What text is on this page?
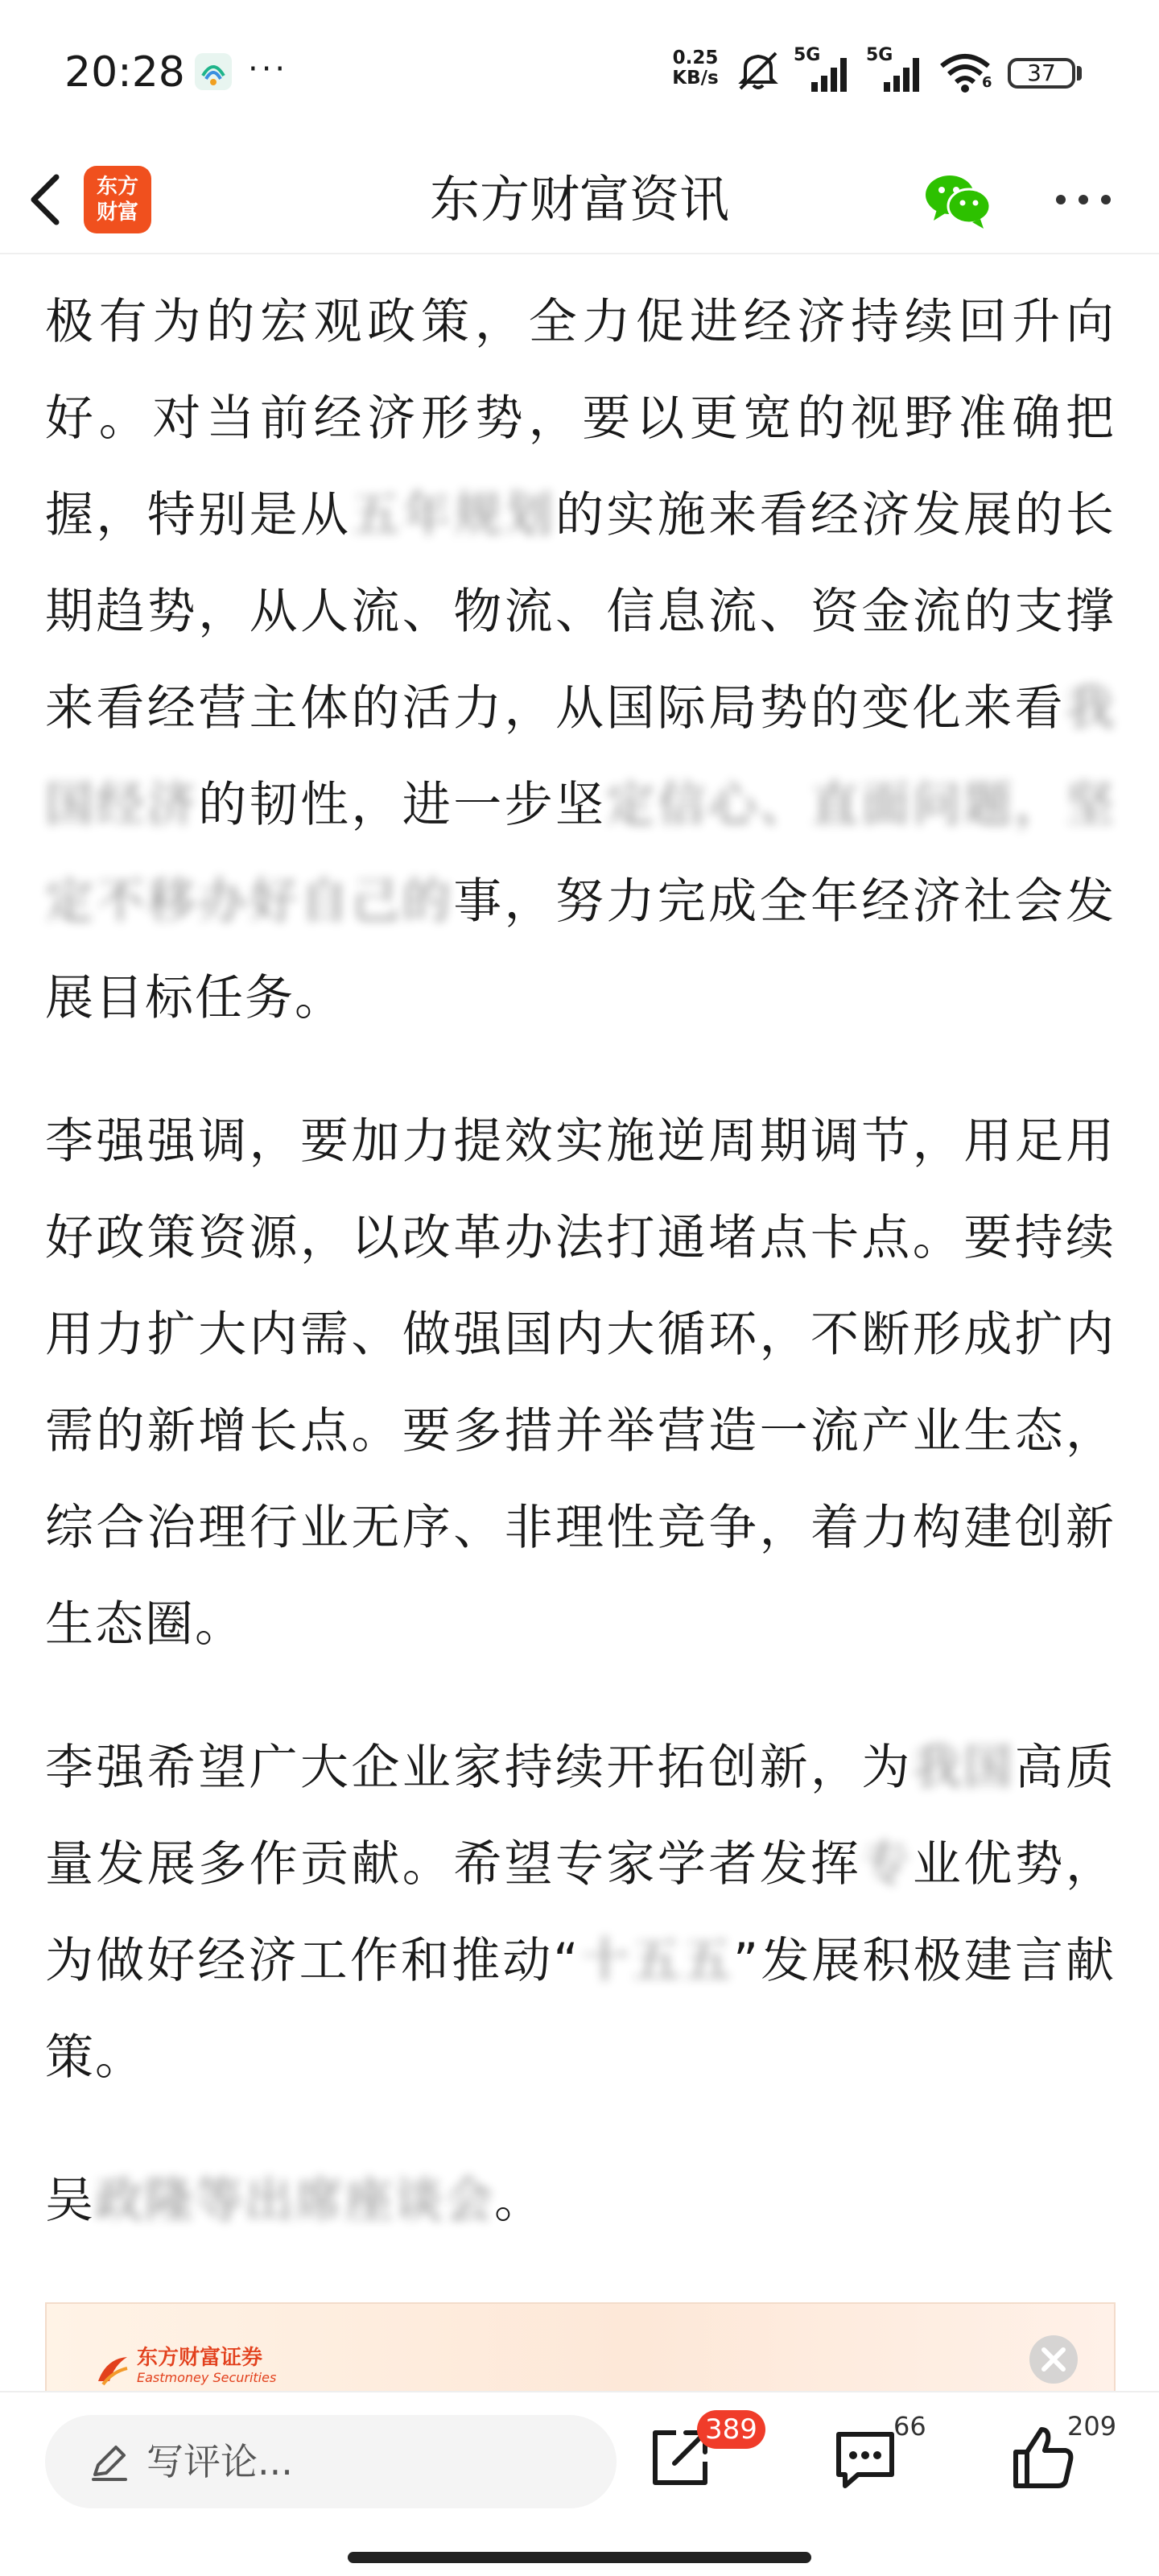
20:28 ···	0.25
KB/s
5G	5G
6	37
东方
财富	东方财富资讯

极有为的宏观政策，全力促进经济持续回升向好。对当前经济形势，要以更宽的视野准确把握，特别是从五年规划的实施来看经济发展的长期趋势，从人流、物流、信息流、资金流的支撑来看经营主体的活力，从国际局势的变化来看我国经济的韧性，进一步坚定信心、直面问题，坚定不移办好自己的事，努力完成全年经济社会发展目标任务。

李强强调，要加力提效实施逆周期调节，用足用好政策资源，以改革办法打通堵点卡点。要持续用力扩大内需、做强国内大循环，不断形成扩内需的新增长点。要多措并举营造一流产业生态，综合治理行业无序、非理性竞争，着力构建创新生态圈。

李强希望广大企业家持续开拓创新，为我国高质量发展多作贡献。希望专家学者发挥专业优势，为做好经济工作和推动“十五五”发展积极建言献策。

吴政隆等出席座谈会。

东方财富证券
Eastmoney Securities
写评论...
389	66	209
